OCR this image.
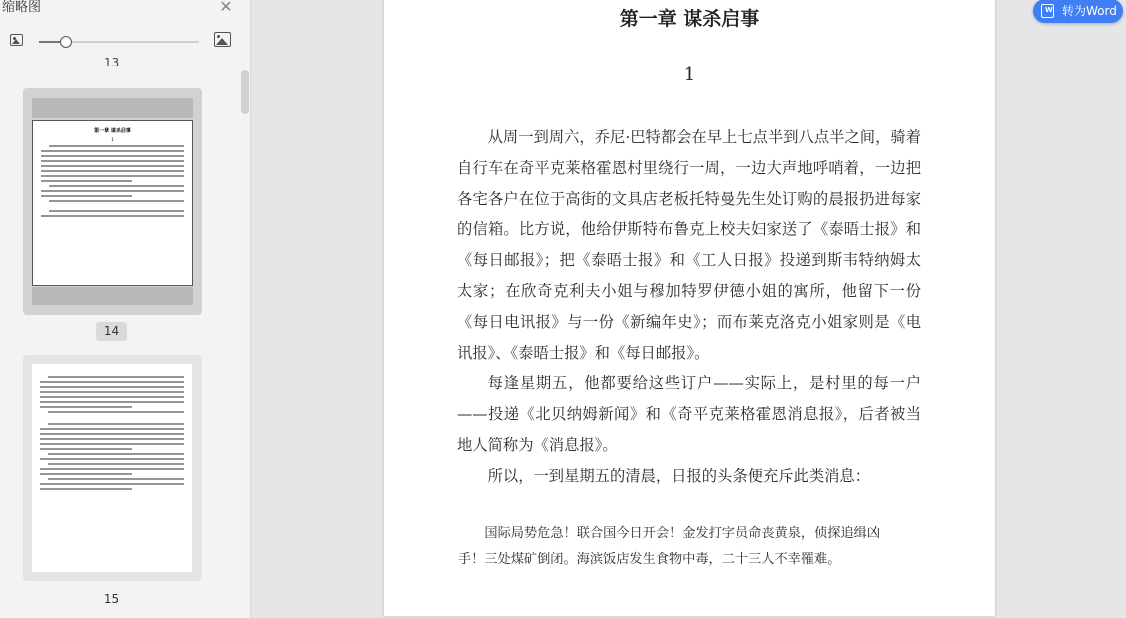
缩略图	✕
13
第一章 谋杀启事
1
14
15
第一章 谋杀启事
1

从周一到周六，乔尼·巴特都会在早上七点半到八点半之间，骑着自行车在奇平克莱格霍恩村里绕行一周，一边大声地呼哨着，一边把各宅各户在位于高街的文具店老板托特曼先生处订购的晨报扔进每家的信箱。比方说，他给伊斯特布鲁克上校夫妇家送了《泰晤士报》和《每日邮报》；把《泰晤士报》和《工人日报》投递到斯韦特纳姆太太家；在欣奇克利夫小姐与穆加特罗伊德小姐的寓所，他留下一份《每日电讯报》与一份《新编年史》；而布莱克洛克小姐家则是《电讯报》、《泰晤士报》和《每日邮报》。

每逢星期五，他都要给这些订户——实际上，是村里的每一户——投递《北贝纳姆新闻》和《奇平克莱格霍恩消息报》，后者被当地人简称为《消息报》。

所以，一到星期五的清晨，日报的头条便充斥此类消息：

国际局势危急！联合国今日开会！金发打字员命丧黄泉，侦探追缉凶手！三处煤矿倒闭。海滨饭店发生食物中毒，二十三人不幸罹难。
W
转为Word
